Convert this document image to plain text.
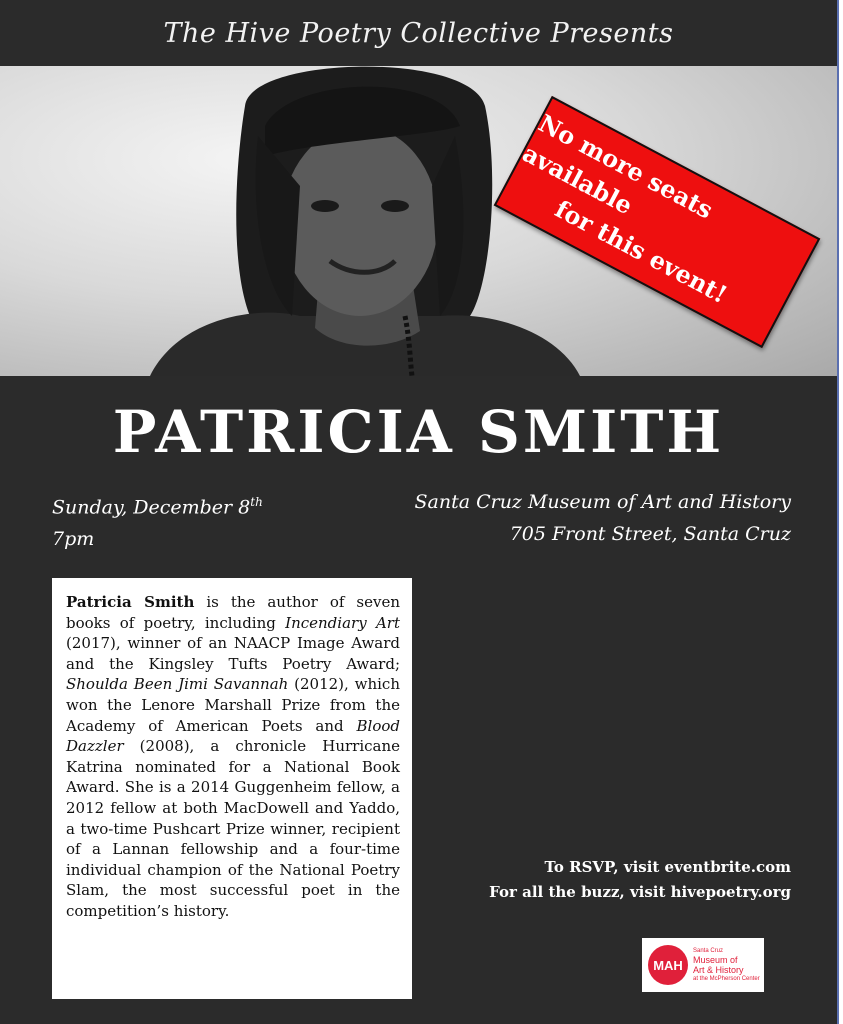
The Hive Poetry Collective Presents
No more seats available
for this event!
PATRICIA SMITH
Sunday, December 8th
7pm
Santa Cruz Museum of Art and History
705 Front Street, Santa Cruz
Patricia Smith is the author of seven books of poetry, including Incendiary Art (2017), winner of an NAACP Image Award and the Kingsley Tufts Poetry Award; Shoulda Been Jimi Savannah (2012), which won the Lenore Marshall Prize from the Academy of American Poets and Blood Dazzler (2008), a chronicle Hurricane Katrina nominated for a National Book Award. She is a 2014 Guggenheim fellow, a 2012 fellow at both MacDowell and Yaddo, a two-time Pushcart Prize winner, recipient of a Lannan fellowship and a four-time individual champion of the National Poetry Slam, the most successful poet in the competition’s history.
To RSVP, visit eventbrite.com
For all the buzz, visit hivepoetry.org
MAH
Santa Cruz
Museum of
Art & History
at the McPherson Center
